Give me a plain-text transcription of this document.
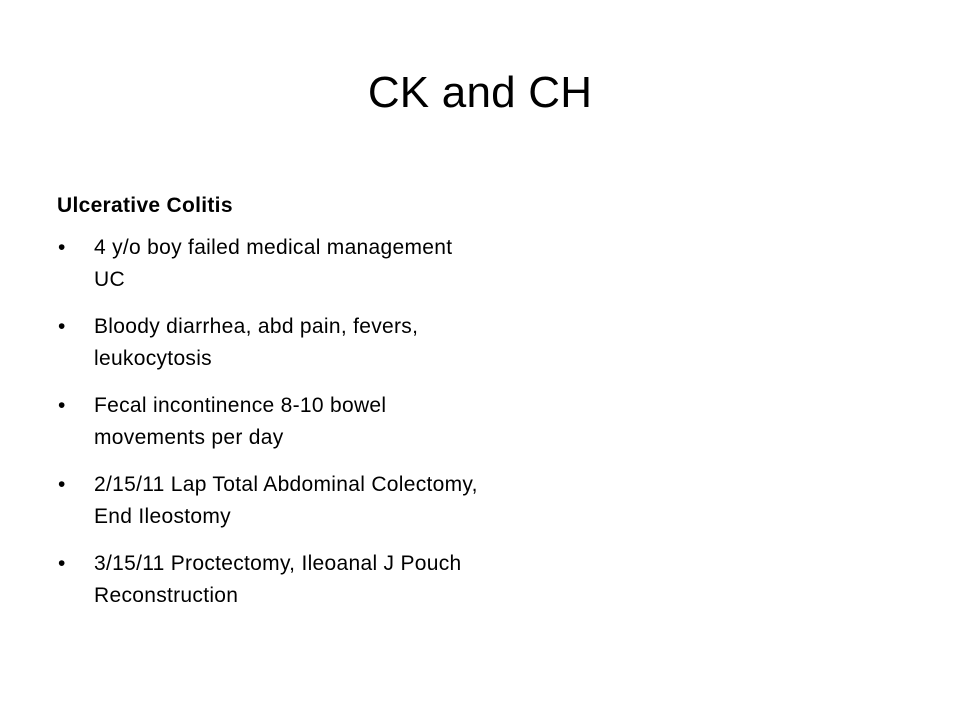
CK and CH
Ulcerative Colitis
• 4 y/o boy failed medical management UC
• Bloody diarrhea, abd pain, fevers, leukocytosis
• Fecal incontinence 8-10 bowel movements per day
• 2/15/11 Lap Total Abdominal Colectomy, End Ileostomy
• 3/15/11 Proctectomy, Ileoanal J Pouch Reconstruction
